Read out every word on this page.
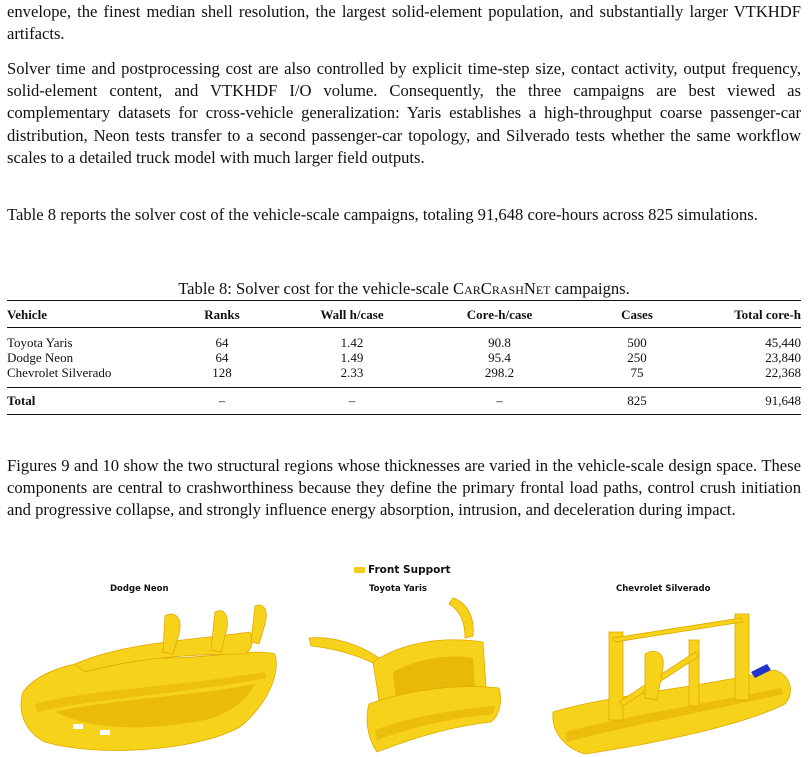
envelope, the finest median shell resolution, the largest solid-element population, and substantially larger VTKHDF artifacts.

Solver time and postprocessing cost are also controlled by explicit time-step size, contact activity, output frequency, solid-element content, and VTKHDF I/O volume. Consequently, the three campaigns are best viewed as complementary datasets for cross-vehicle generalization: Yaris establishes a high-throughput coarse passenger-car distribution, Neon tests transfer to a second passenger-car topology, and Silverado tests whether the same workflow scales to a detailed truck model with much larger field outputs.

Table 8 reports the solver cost of the vehicle-scale campaigns, totaling 91,648 core-hours across 825 simulations.

Table 8: Solver cost for the vehicle-scale CarCrashNet campaigns.
Vehicle	Ranks	Wall h/case	Core-h/case	Cases	Total core-h
Toyota Yaris	64	1.42	90.8	500	45,440
Dodge Neon	64	1.49	95.4	250	23,840
Chevrolet Silverado	128	2.33	298.2	75	22,368
Total	–	–	–	825	91,648

Figures 9 and 10 show the two structural regions whose thicknesses are varied in the vehicle-scale design space. These components are central to crashworthiness because they define the primary frontal load paths, control crush initiation and progressive collapse, and strongly influence energy absorption, intrusion, and deceleration during impact.

Front Support
Dodge Neon	Toyota Yaris	Chevrolet Silverado
